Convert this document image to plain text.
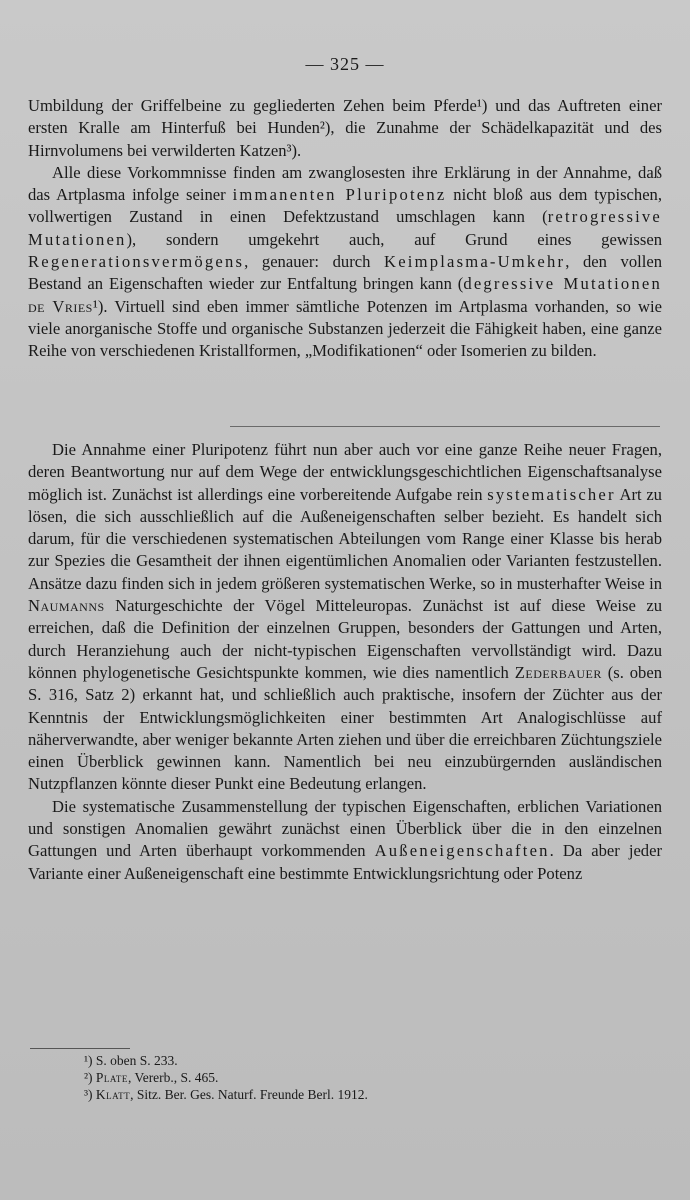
— 325 —

Umbildung der Griffelbeine zu gegliederten Zehen beim Pferde¹) und das Auftreten einer ersten Kralle am Hinterfuß bei Hunden²), die Zunahme der Schädelkapazität und des Hirnvolumens bei verwilderten Katzen³).

Alle diese Vorkommnisse finden am zwanglosesten ihre Erklärung in der Annahme, daß das Artplasma infolge seiner immanenten Pluripotenz nicht bloß aus dem typischen, vollwertigen Zustand in einen Defektzustand umschlagen kann (retrogressive Mutationen), sondern umgekehrt auch, auf Grund eines gewissen Regenerationsvermögens, genauer: durch Keimplasma-Umkehr, den vollen Bestand an Eigenschaften wieder zur Entfaltung bringen kann (degressive Mutationen de Vries¹). Virtuell sind eben immer sämtliche Potenzen im Artplasma vorhanden, so wie viele anorganische Stoffe und organische Substanzen jederzeit die Fähigkeit haben, eine ganze Reihe von verschiedenen Kristallformen, „Modifikationen“ oder Isomerien zu bilden.

Die Annahme einer Pluripotenz führt nun aber auch vor eine ganze Reihe neuer Fragen, deren Beantwortung nur auf dem Wege der entwicklungsgeschichtlichen Eigenschaftsanalyse möglich ist. Zunächst ist allerdings eine vorbereitende Aufgabe rein systematischer Art zu lösen, die sich ausschließlich auf die Außeneigenschaften selber bezieht. Es handelt sich darum, für die verschiedenen systematischen Abteilungen vom Range einer Klasse bis herab zur Spezies die Gesamtheit der ihnen eigentümlichen Anomalien oder Varianten festzustellen. Ansätze dazu finden sich in jedem größeren systematischen Werke, so in musterhafter Weise in Naumanns Naturgeschichte der Vögel Mitteleuropas. Zunächst ist auf diese Weise zu erreichen, daß die Definition der einzelnen Gruppen, besonders der Gattungen und Arten, durch Heranziehung auch der nicht-typischen Eigenschaften vervollständigt wird. Dazu können phylogenetische Gesichtspunkte kommen, wie dies namentlich Zederbauer (s. oben S. 316, Satz 2) erkannt hat, und schließlich auch praktische, insofern der Züchter aus der Kenntnis der Entwicklungsmöglichkeiten einer bestimmten Art Analogischlüsse auf näherverwandte, aber weniger bekannte Arten ziehen und über die erreichbaren Züchtungsziele einen Überblick gewinnen kann. Namentlich bei neu einzubürgernden ausländischen Nutzpflanzen könnte dieser Punkt eine Bedeutung erlangen.

Die systematische Zusammenstellung der typischen Eigenschaften, erblichen Variationen und sonstigen Anomalien gewährt zunächst einen Überblick über die in den einzelnen Gattungen und Arten überhaupt vorkommenden Außeneigenschaften. Da aber jeder Variante einer Außeneigenschaft eine bestimmte Entwicklungsrichtung oder Potenz

¹) S. oben S. 233.
²) Plate, Vererb., S. 465.
³) Klatt, Sitz. Ber. Ges. Naturf. Freunde Berl. 1912.
